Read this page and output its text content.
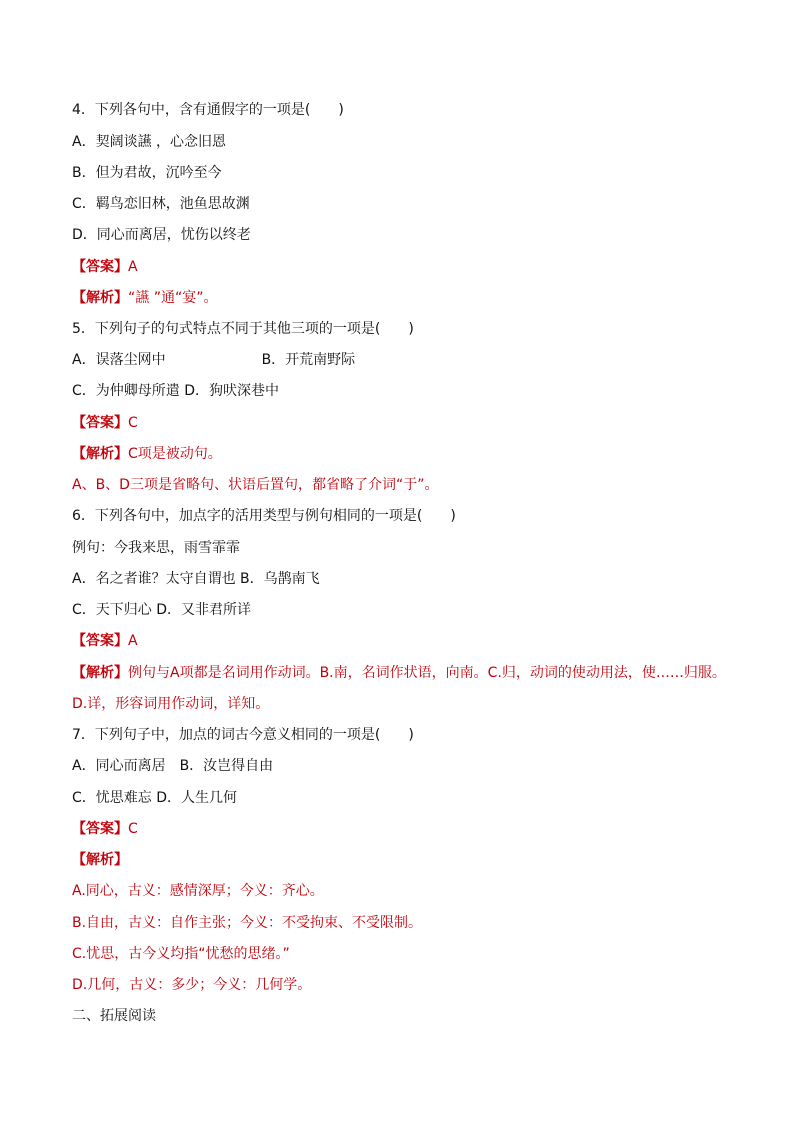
4．下列各句中，含有通假字的一项是(　　)
A．契阔谈讌 ，心念旧恩
B．但为君故，沉吟至今
C．羁鸟恋旧林，池鱼思故渊
D．同心而离居，忧伤以终老
【答案】A
【解析】“讌 ”通“宴”。
5．下列句子的句式特点不同于其他三项的一项是(　　)
A．误落尘网中	B．开荒南野际
C．为仲卿母所遣 D．狗吠深巷中
【答案】C
【解析】C项是被动句。
A、B、D三项是省略句、状语后置句，都省略了介词“于”。
6．下列各句中，加点字的活用类型与例句相同的一项是(　　)
例句：今我来思，雨雪霏霏
A．名之者谁？太守自谓也 B．乌鹊南飞
C．天下归心 D．又非君所详
【答案】A
【解析】例句与A项都是名词用作动词。B.南，名词作状语，向南。C.归，动词的使动用法，使……归服。
D.详，形容词用作动词，详知。
7．下列句子中，加点的词古今意义相同的一项是(　　)
A．同心而离居 B．汝岂得自由
C．忧思难忘 D．人生几何
【答案】C
【解析】
A.同心，古义：感情深厚；今义：齐心。
B.自由，古义：自作主张；今义：不受拘束、不受限制。
C.忧思，古今义均指“忧愁的思绪。”
D.几何，古义：多少；今义：几何学。
二、拓展阅读
